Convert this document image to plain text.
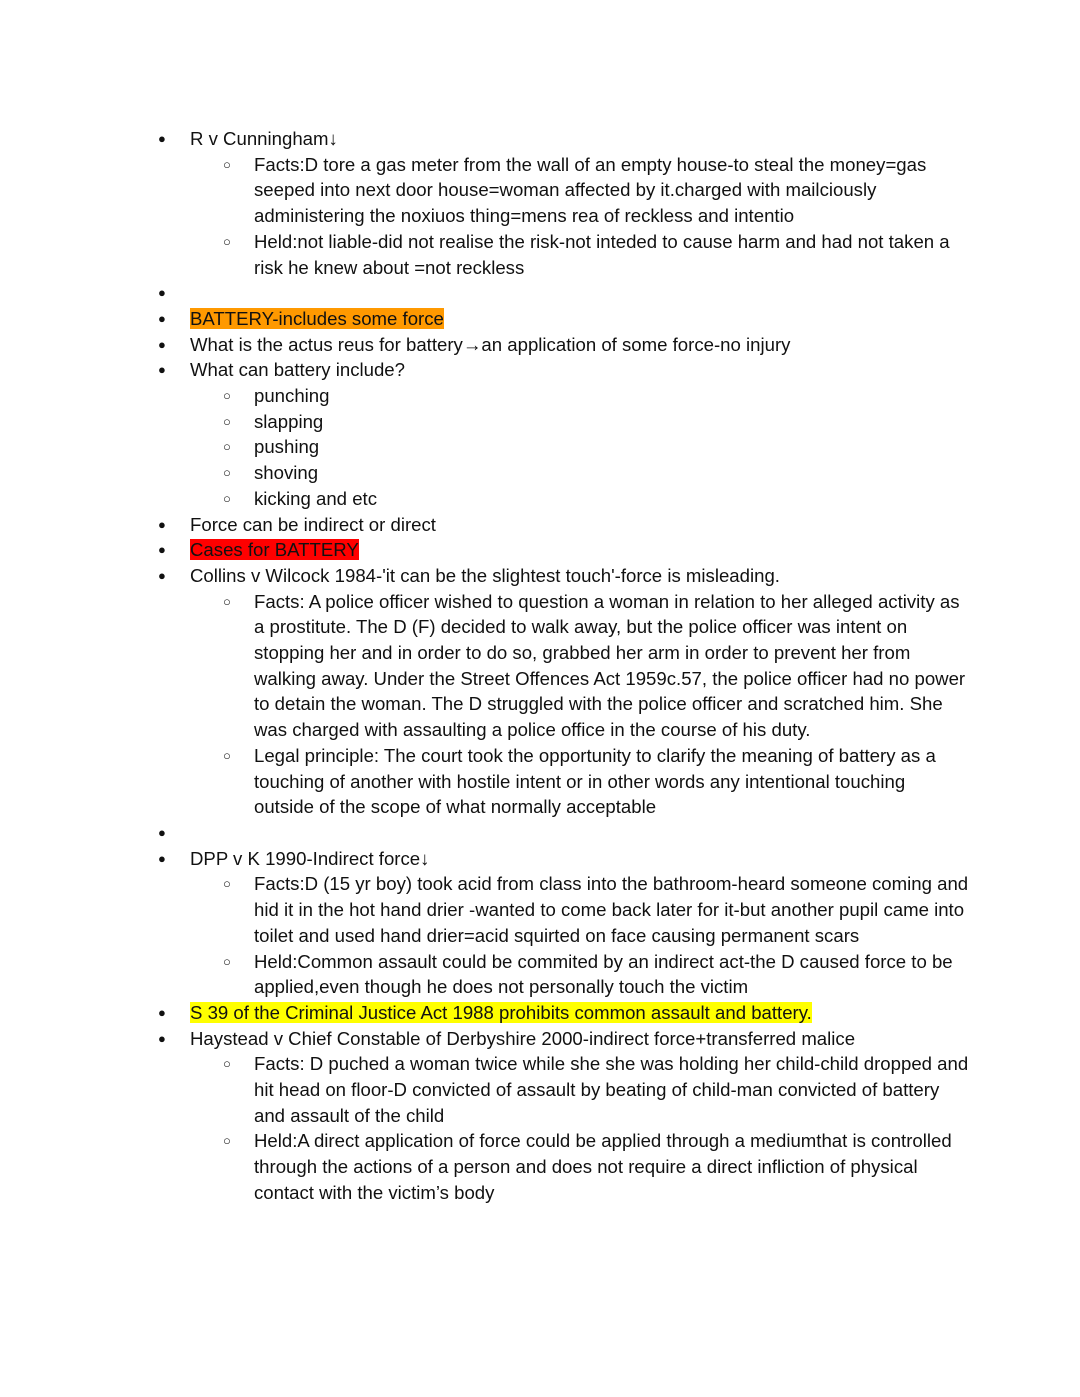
● R v Cunningham↓
○ Facts:D tore a gas meter from the wall of an empty house-to steal the money=gas seeped into next door house=woman affected by it.charged with mailciously administering the noxiuos thing=mens rea of reckless and intentio
○ Held:not liable-did not realise the risk-not inteded to cause harm and had not taken a risk he knew about =not reckless
●
● BATTERY-includes some force
● What is the actus reus for battery→an application of some force-no injury
● What can battery include?
○ punching
○ slapping
○ pushing
○ shoving
○ kicking and etc
● Force can be indirect or direct
● Cases for BATTERY
● Collins v Wilcock 1984-'it can be the slightest touch'-force is misleading.
○ Facts: A police officer wished to question a woman in relation to her alleged activity as a prostitute. The D (F) decided to walk away, but the police officer was intent on stopping her and in order to do so, grabbed her arm in order to prevent her from walking away. Under the Street Offences Act 1959c.57, the police officer had no power to detain the woman. The D struggled with the police officer and scratched him. She was charged with assaulting a police office in the course of his duty.
○ Legal principle: The court took the opportunity to clarify the meaning of battery as a touching of another with hostile intent or in other words any intentional touching outside of the scope of what normally acceptable
●
● DPP v K 1990-Indirect force↓
○ Facts:D (15 yr boy) took acid from class into the bathroom-heard someone coming and hid it in the hot hand drier -wanted to come back later for it-but another pupil came into toilet and used hand drier=acid squirted on face causing permanent scars
○ Held:Common assault could be commited by an indirect act-the D caused force to be applied,even though he does not personally touch the victim
● S 39 of the Criminal Justice Act 1988 prohibits common assault and battery.
● Haystead v Chief Constable of Derbyshire 2000-indirect force+transferred malice
○ Facts: D puched a woman twice while she she was holding her child-child dropped and hit head on floor-D convicted of assault by beating of child-man convicted of battery and assault of the child
○ Held:A direct application of force could be applied through a mediumthat is controlled through the actions of a person and does not require a direct infliction of physical contact with the victim’s body
